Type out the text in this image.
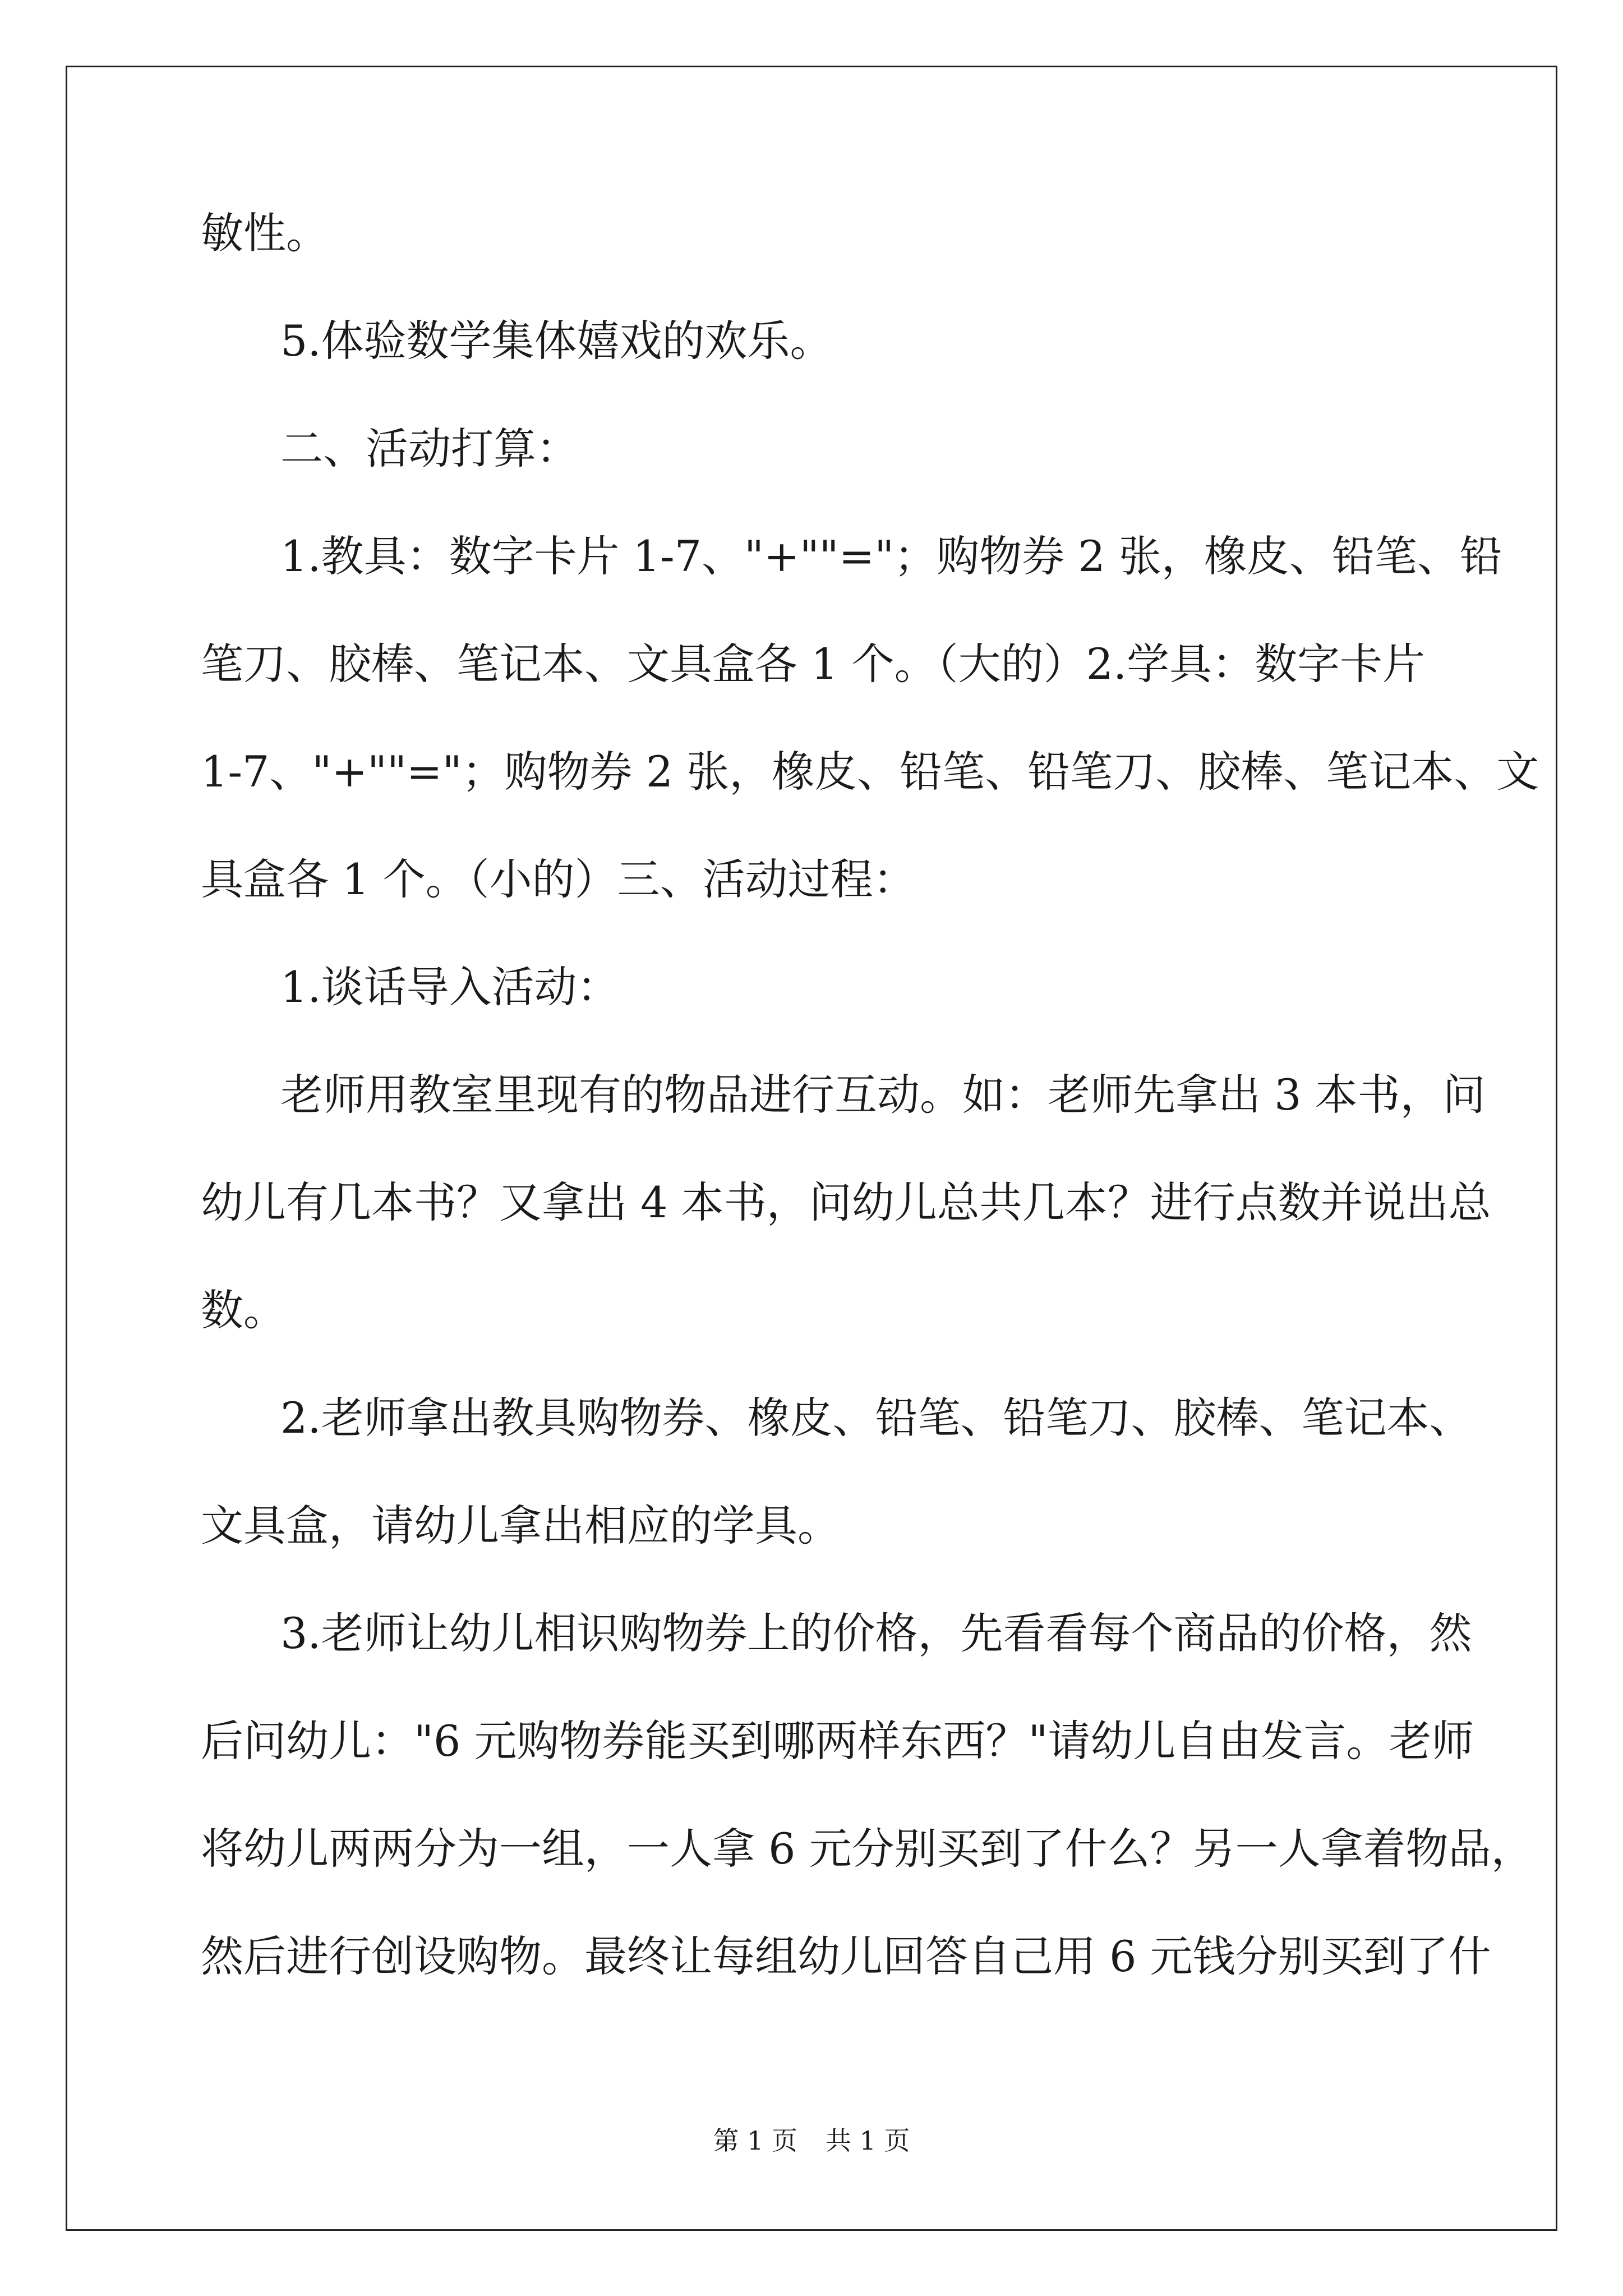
敏性。
5.体验数学集体嬉戏的欢乐。
二、活动打算：
1.教具：数字卡片 1-7、"+""="；购物券 2 张，橡皮、铅笔、铅
笔刀、胶棒、笔记本、文具盒各 1 个。（大的）2.学具：数字卡片
1-7、"+""="；购物券 2 张，橡皮、铅笔、铅笔刀、胶棒、笔记本、文
具盒各 1 个。（小的）三、活动过程：
1.谈话导入活动：
老师用教室里现有的物品进行互动。如：老师先拿出 3 本书，问
幼儿有几本书？又拿出 4 本书，问幼儿总共几本？进行点数并说出总
数。
2.老师拿出教具购物券、橡皮、铅笔、铅笔刀、胶棒、笔记本、
文具盒，请幼儿拿出相应的学具。
3.老师让幼儿相识购物券上的价格，先看看每个商品的价格，然
后问幼儿："6 元购物券能买到哪两样东西？"请幼儿自由发言。老师
将幼儿两两分为一组，一人拿 6 元分别买到了什么？另一人拿着物品，
然后进行创设购物。最终让每组幼儿回答自己用 6 元钱分别买到了什
第 1 页 共 1 页
